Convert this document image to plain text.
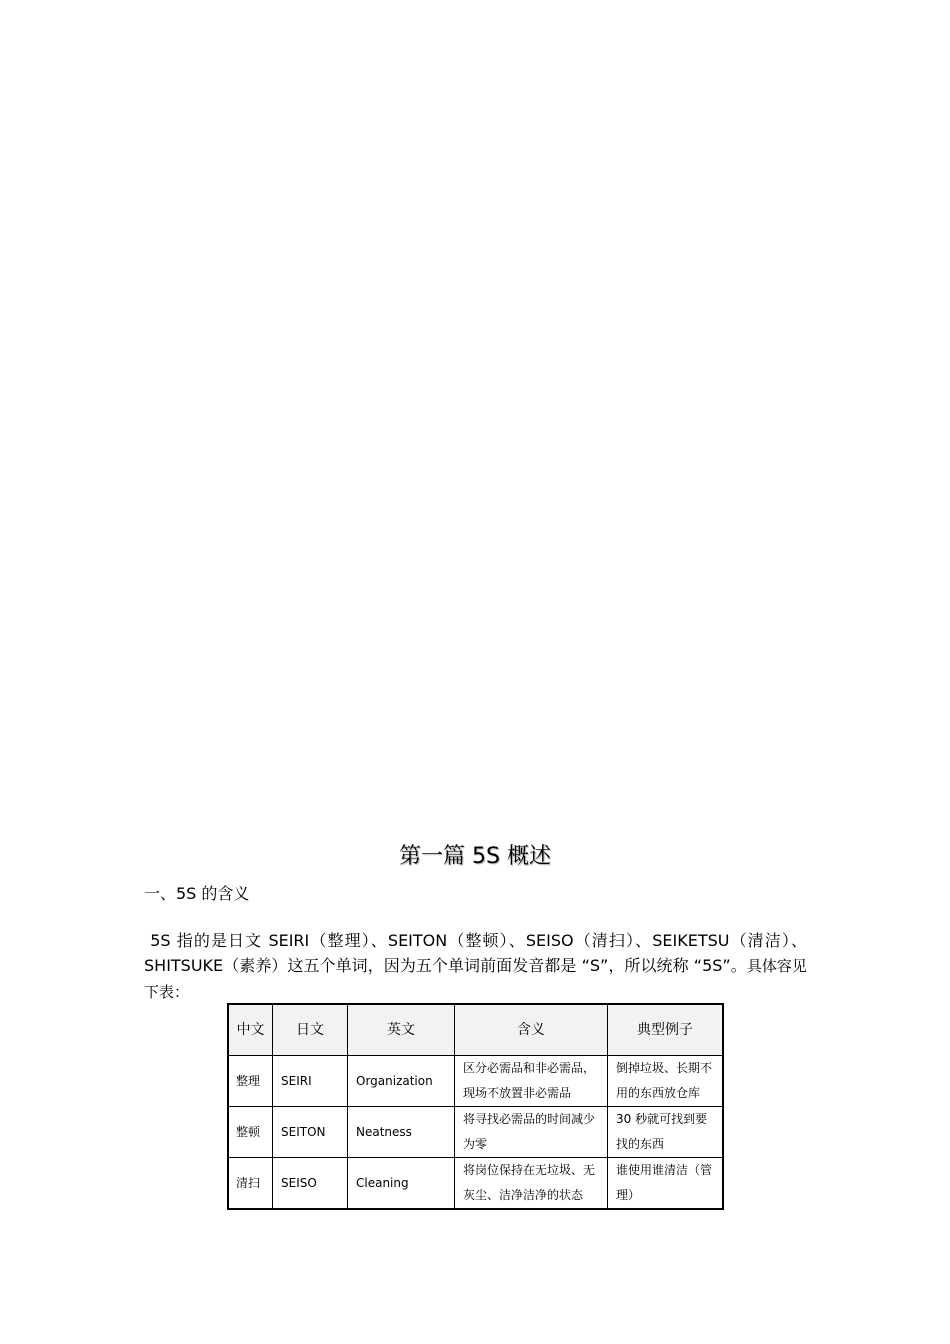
第一篇 5S 概述
一、5S 的含义

5S 指的是日文 SEIRI（整理）、SEITON（整顿）、SEISO（清扫）、SEIKETSU（清洁）、SHITSUKE（素养）这五个单词，因为五个单词前面发音都是 “S”，所以统称 “5S”。具体容见下表：

中文	日文	英文	含义	典型例子
整理	SEIRI	Organization	区分必需品和非必需品，现场不放置非必需品	倒掉垃圾、长期不用的东西放仓库
整顿	SEITON	Neatness	将寻找必需品的时间减少为零	30 秒就可找到要找的东西
清扫	SEISO	Cleaning	将岗位保持在无垃圾、无灰尘、洁净洁净的状态	谁使用谁清洁（管理）
